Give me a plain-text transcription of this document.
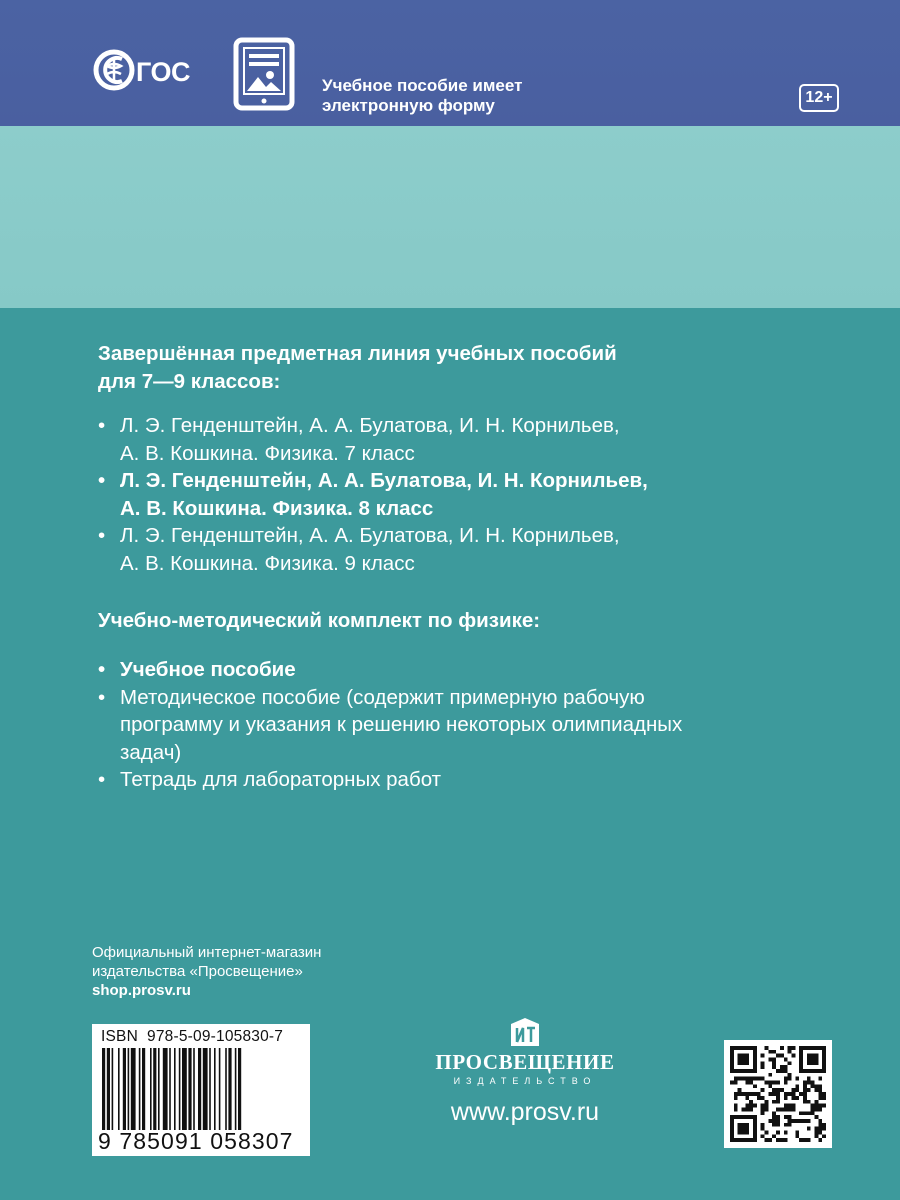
ГОС	Учебное пособие имеет
электронную форму	12+

Завершённая предметная линия учебных пособий
для 7—9 классов:

• Л. Э. Генденштейн, А. А. Булатова, И. Н. Корнильев,
А. В. Кошкина. Физика. 7 класс
• Л. Э. Генденштейн, А. А. Булатова, И. Н. Корнильев,
А. В. Кошкина. Физика. 8 класс
• Л. Э. Генденштейн, А. А. Булатова, И. Н. Корнильев,
А. В. Кошкина. Физика. 9 класс

Учебно-методический комплект по физике:

• Учебное пособие
• Методическое пособие (содержит примерную рабочую
программу и указания к решению некоторых олимпиадных
задач)
• Тетрадь для лабораторных работ
Официальный интернет-магазин
издательства «Просвещение»
shop.prosv.ru
ISBN 978-5-09-105830-7
9 785091 058307
ПРОСВЕЩЕНИЕ
ИЗДАТЕЛЬСТВО
www.prosv.ru
